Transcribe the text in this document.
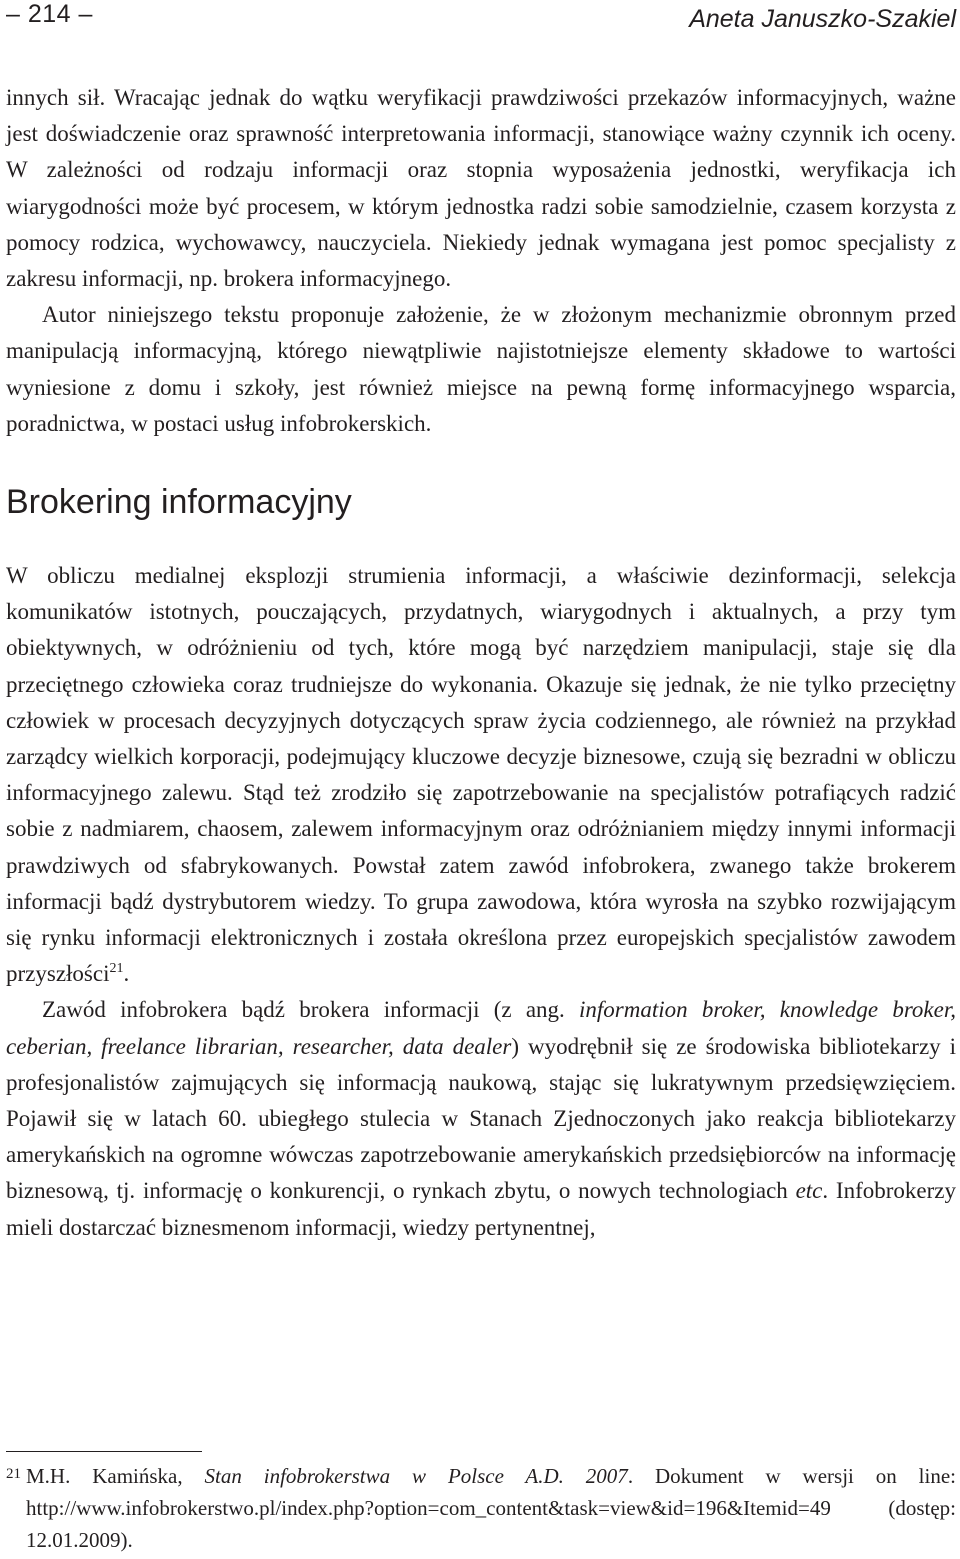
– 214 –	Aneta Januszko-Szakiel

innych sił. Wracając jednak do wątku weryfikacji prawdziwości przekazów informacyjnych, ważne jest doświadczenie oraz sprawność interpretowania informacji, stanowiące ważny czynnik ich oceny. W zależności od rodzaju informacji oraz stopnia wyposażenia jednostki, weryfikacja ich wiarygodności może być procesem, w którym jednostka radzi sobie samodzielnie, czasem korzysta z pomocy rodzica, wychowawcy, nauczyciela. Niekiedy jednak wymagana jest pomoc specjalisty z zakresu informacji, np. brokera informacyjnego.

Autor niniejszego tekstu proponuje założenie, że w złożonym mechanizmie obronnym przed manipulacją informacyjną, którego niewątpliwie najistotniejsze elementy składowe to wartości wyniesione z domu i szkoły, jest również miejsce na pewną formę informacyjnego wsparcia, poradnictwa, w postaci usług infobrokerskich.

Brokering informacyjny

W obliczu medialnej eksplozji strumienia informacji, a właściwie dezinformacji, selekcja komunikatów istotnych, pouczających, przydatnych, wiarygodnych i aktualnych, a przy tym obiektywnych, w odróżnieniu od tych, które mogą być narzędziem manipulacji, staje się dla przeciętnego człowieka coraz trudniejsze do wykonania. Okazuje się jednak, że nie tylko przeciętny człowiek w procesach decyzyjnych dotyczących spraw życia codziennego, ale również na przykład zarządcy wielkich korporacji, podejmujący kluczowe decyzje biznesowe, czują się bezradni w obliczu informacyjnego zalewu. Stąd też zrodziło się zapotrzebowanie na specjalistów potrafiących radzić sobie z nadmiarem, chaosem, zalewem informacyjnym oraz odróżnianiem między innymi informacji prawdziwych od sfabrykowanych. Powstał zatem zawód infobrokera, zwanego także brokerem informacji bądź dystrybutorem wiedzy. To grupa zawodowa, która wyrosła na szybko rozwijającym się rynku informacji elektronicznych i została określona przez europejskich specjalistów zawodem przyszłości$^{21}$.

Zawód infobrokera bądź brokera informacji (z ang. information broker, knowledge broker, ceberian, freelance librarian, researcher, data dealer) wyodrębnił się ze środowiska bibliotekarzy i profesjonalistów zajmujących się informacją naukową, stając się lukratywnym przedsięwzięciem. Pojawił się w latach 60. ubiegłego stulecia w Stanach Zjednoczonych jako reakcja bibliotekarzy amerykańskich na ogromne wówczas zapotrzebowanie amerykańskich przedsiębiorców na informację biznesową, tj. informację o konkurencji, o rynkach zbytu, o nowych technologiach etc. Infobrokerzy mieli dostarczać biznesmenom informacji, wiedzy pertynentnej,

21 M.H. Kamińska, Stan infobrokerstwa w Polsce A.D. 2007. Dokument w wersji on line: http://www.infobrokerstwo.pl/index.php?option=com_content&task=view&id=196&Itemid=49 (dostęp: 12.01.2009).
